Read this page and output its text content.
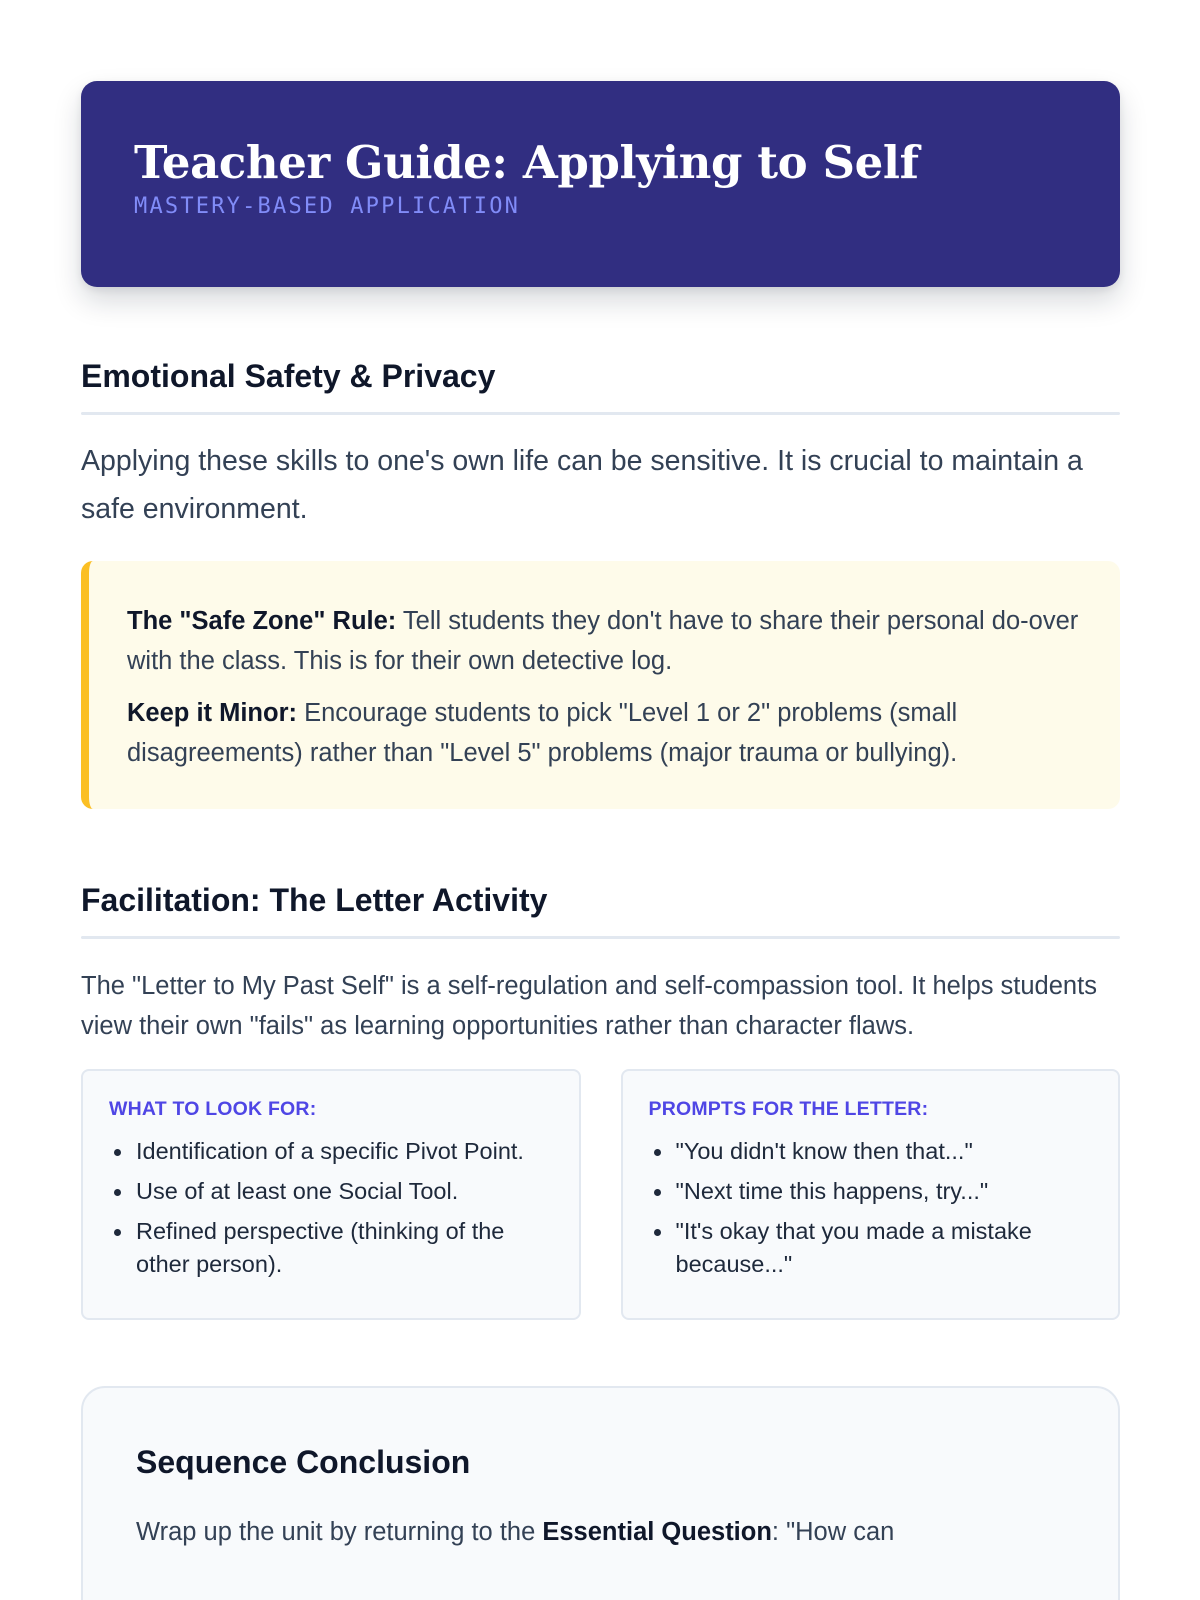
Teacher Guide: Applying to Self
MASTERY-BASED APPLICATION
Emotional Safety & Privacy

Applying these skills to one's own life can be sensitive. It is crucial to maintain a safe environment.

The "Safe Zone" Rule: Tell students they don't have to share their personal do-over with the class. This is for their own detective log.

Keep it Minor: Encourage students to pick "Level 1 or 2" problems (small disagreements) rather than "Level 5" problems (major trauma or bullying).

Facilitation: The Letter Activity

The "Letter to My Past Self" is a self-regulation and self-compassion tool. It helps students view their own "fails" as learning opportunities rather than character flaws.

WHAT TO LOOK FOR:
Identification of a specific Pivot Point.
Use of at least one Social Tool.
Refined perspective (thinking of the other person).
PROMPTS FOR THE LETTER:
"You didn't know then that..."
"Next time this happens, try..."
"It's okay that you made a mistake because..."
Sequence Conclusion

Wrap up the unit by returning to the Essential Question: "How can
